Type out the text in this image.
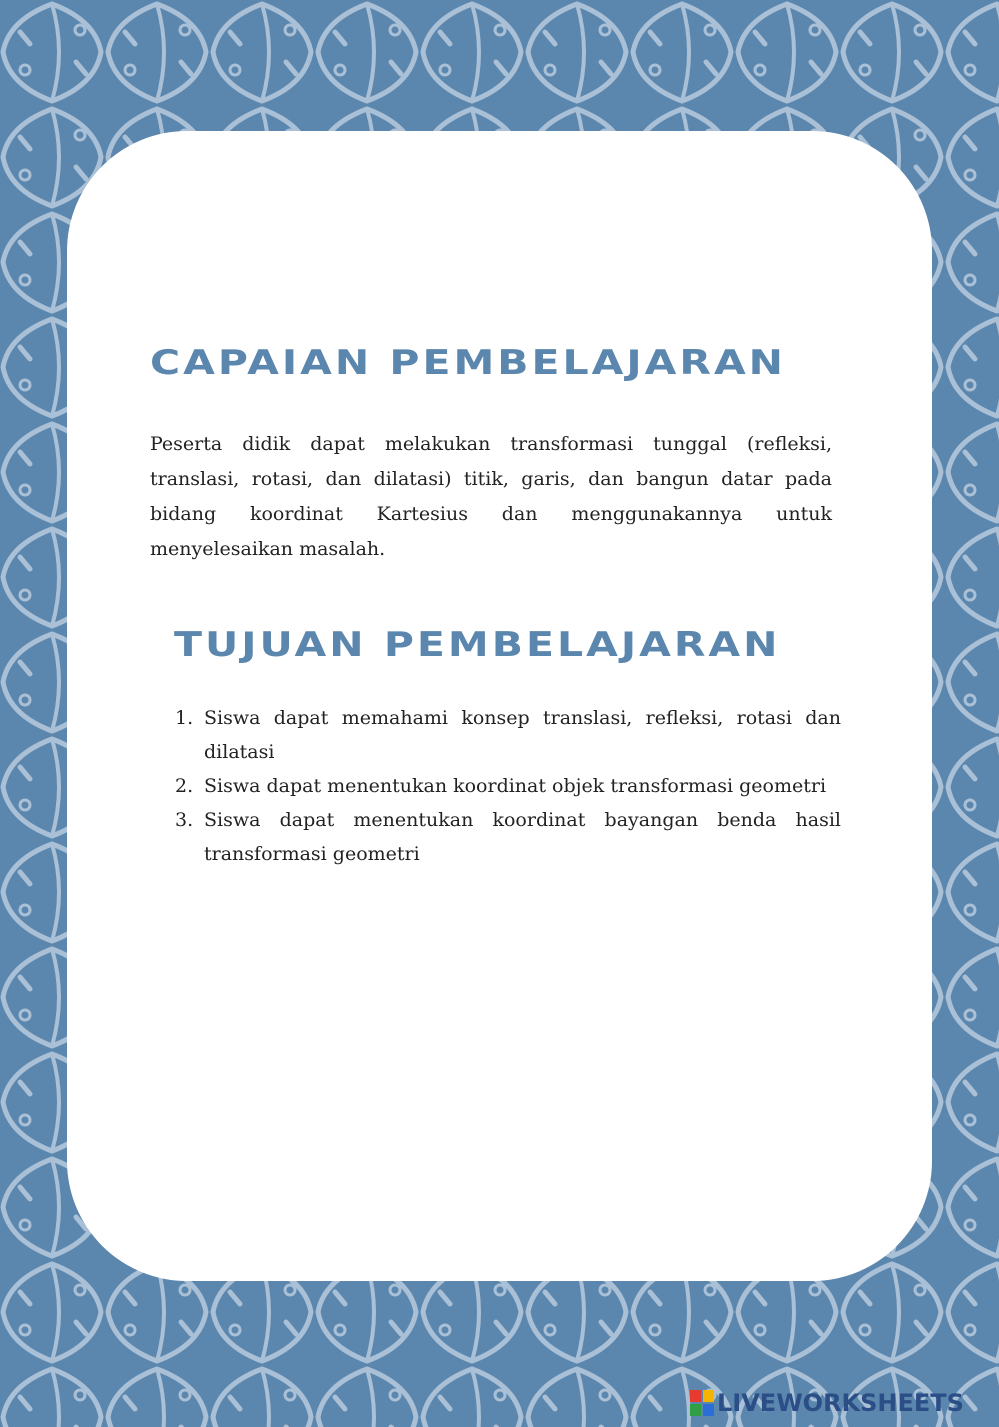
CAPAIAN PEMBELAJARAN

Peserta didik dapat melakukan transformasi tunggal (refleksi, translasi, rotasi, dan dilatasi) titik, garis, dan bangun datar pada bidang koordinat Kartesius dan menggunakannya untuk menyelesaikan masalah.

TUJUAN PEMBELAJARAN
1. Siswa dapat memahami konsep translasi, refleksi, rotasi dan dilatasi
2. Siswa dapat menentukan koordinat objek transformasi geometri
3. Siswa dapat menentukan koordinat bayangan benda hasil transformasi geometri
LIVEWORKSHEETS
